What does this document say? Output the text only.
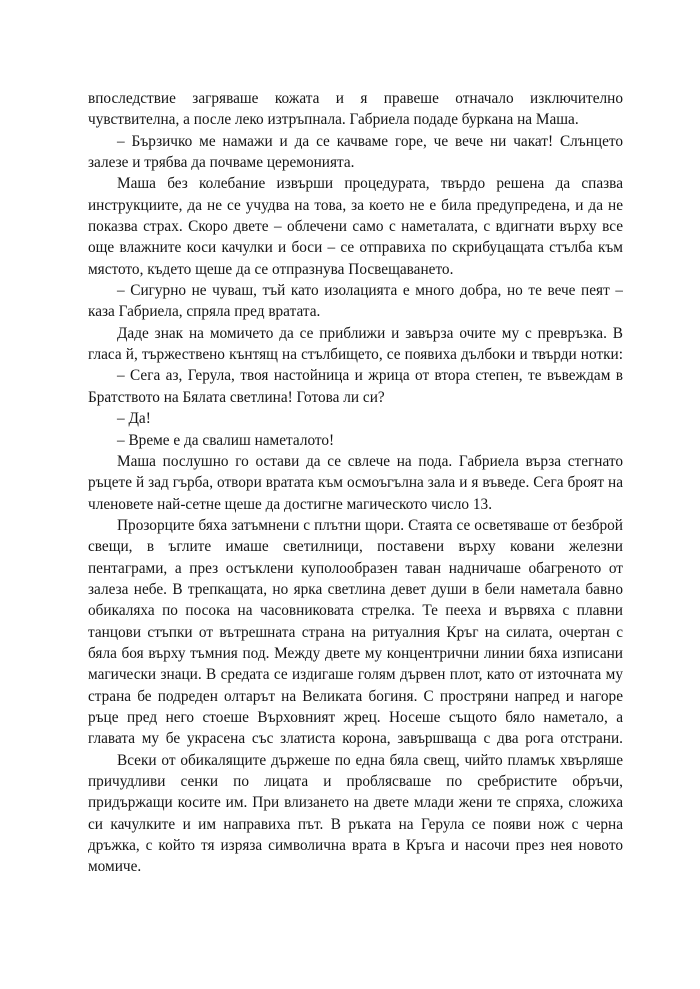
впоследствие загряваше кожата и я правеше отначало изключително
чувствителна, а после леко изтръпнала. Габриела подаде буркана на Маша.
– Бързичко ме намажи и да се качваме горе, че вече ни чакат! Слънцето
залезе и трябва да почваме церемонията.
Маша без колебание извърши процедурата, твърдо решена да спазва
инструкциите, да не се учудва на това, за което не е била предупредена, и да не
показва страх. Скоро двете – облечени само с наметалата, с вдигнати върху все
още влажните коси качулки и боси – се отправиха по скрибуцащата стълба към
мястото, където щеше да се отпразнува Посвещаването.
– Сигурно не чуваш, тъй като изолацията е много добра, но те вече пеят –
каза Габриела, спряла пред вратата.
Даде знак на момичето да се приближи и завърза очите му с превръзка. В
гласа й, тържествено кънтящ на стълбището, се появиха дълбоки и твърди нотки:
– Сега аз, Герула, твоя настойница и жрица от втора степен, те въвеждам в
Братството на Бялата светлина! Готова ли си?
– Да!
– Време е да свалиш наметалото!
Маша послушно го остави да се свлече на пода. Габриела върза стегнато
ръцете й зад гърба, отвори вратата към осмоъгълна зала и я въведе. Сега броят на
членовете най-сетне щеше да достигне магическото число 13.
Прозорците бяха затъмнени с плътни щори. Стаята се осветяваше от безброй
свещи, в ъглите имаше светилници, поставени върху ковани железни
пентаграми, а през остъклени куполообразен таван надничаше обагреното от
залеза небе. В трепкащата, но ярка светлина девет души в бели наметала бавно
обикаляха по посока на часовниковата стрелка. Те пееха и вървяха с плавни
танцови стъпки от вътрешната страна на ритуалния Кръг на силата, очертан с
бяла боя върху тъмния под. Между двете му концентрични линии бяха изписани
магически знаци. В средата се издигаше голям дървен плот, като от източната му
страна бе подреден олтарът на Великата богиня. С простряни напред и нагоре
ръце пред него стоеше Върховният жрец. Носеше същото бяло наметало, а
главата му бе украсена със златиста корона, завършваща с два рога отстрани.
Всеки от обикалящите държеше по една бяла свещ, чийто пламък хвърляше
причудливи сенки по лицата и проблясваше по сребристите обръчи,
придържащи косите им. При влизането на двете млади жени те спряха, сложиха
си качулките и им направиха път. В ръката на Герула се появи нож с черна
дръжка, с който тя изряза символична врата в Кръга и насочи през нея новото
момиче.
